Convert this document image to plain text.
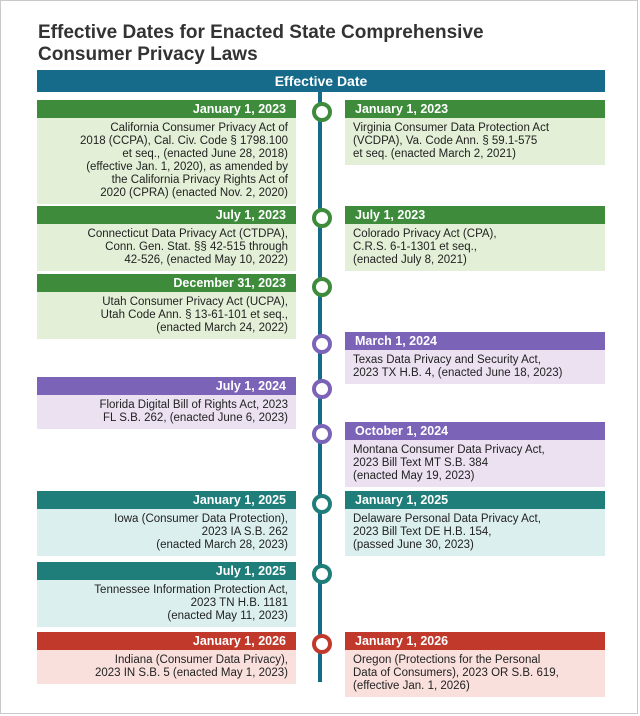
Effective Dates for Enacted State Comprehensive
Consumer Privacy Laws
Effective Date
January 1, 2023
California Consumer Privacy Act of
2018 (CCPA), Cal. Civ. Code § 1798.100
et seq., (enacted June 28, 2018)
(effective Jan. 1, 2020), as amended by
the California Privacy Rights Act of
2020 (CPRA) (enacted Nov. 2, 2020)
January 1, 2023
Virginia Consumer Data Protection Act
(VCDPA), Va. Code Ann. § 59.1-575
et seq. (enacted March 2, 2021)
July 1, 2023
Connecticut Data Privacy Act (CTDPA),
Conn. Gen. Stat. §§ 42-515 through
42-526, (enacted May 10, 2022)
July 1, 2023
Colorado Privacy Act (CPA),
C.R.S. 6-1-1301 et seq.,
(enacted July 8, 2021)
December 31, 2023
Utah Consumer Privacy Act (UCPA),
Utah Code Ann. § 13-61-101 et seq.,
(enacted March 24, 2022)
March 1, 2024
Texas Data Privacy and Security Act,
2023 TX H.B. 4, (enacted June 18, 2023)
July 1, 2024
Florida Digital Bill of Rights Act, 2023
FL S.B. 262, (enacted June 6, 2023)
October 1, 2024
Montana Consumer Data Privacy Act,
2023 Bill Text MT S.B. 384
(enacted May 19, 2023)
January 1, 2025
Iowa (Consumer Data Protection),
2023 IA S.B. 262
(enacted March 28, 2023)
January 1, 2025
Delaware Personal Data Privacy Act,
2023 Bill Text DE H.B. 154,
(passed June 30, 2023)
July 1, 2025
Tennessee Information Protection Act,
2023 TN H.B. 1181
(enacted May 11, 2023)
January 1, 2026
Indiana (Consumer Data Privacy),
2023 IN S.B. 5 (enacted May 1, 2023)
January 1, 2026
Oregon (Protections for the Personal
Data of Consumers), 2023 OR S.B. 619,
(effective Jan. 1, 2026)
